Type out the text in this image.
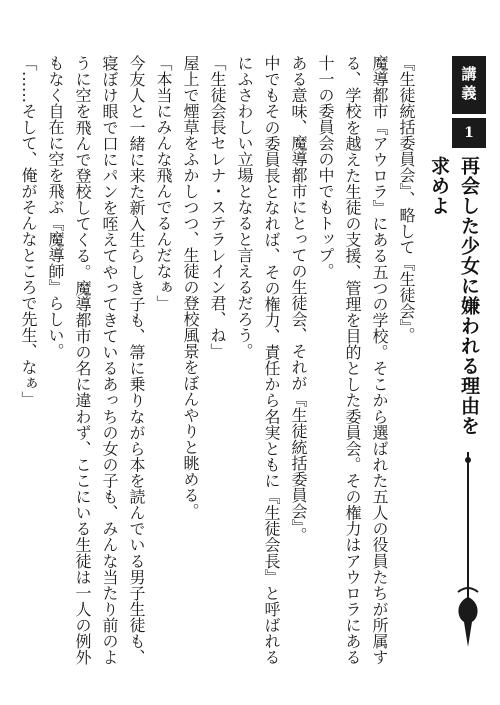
講義
1
再会した少女に嫌われる理由を求めよ

『生徒統括委員会』、略して『生徒会』。

魔導都市『アウロラ』にある五つの学校。そこから選ばれた五人の役員たちが所属する、学校を越えた生徒の支援、管理を目的とした委員会。その権力はアウロラにある十一の委員会の中でもトップ。

ある意味、魔導都市にとっての生徒会、それが『生徒統括委員会』。

中でもその委員長となれば、その権力、責任から名実ともに『生徒会長』と呼ばれるにふさわしい立場となると言えるだろう。

「生徒会長セレナ・ステラレイン君、ね」

屋上で煙草をふかしつつ、生徒の登校風景をぼんやりと眺める。

「本当にみんな飛んでるんだなぁ」

今友人と一緒に来た新入生らしき子も、箒に乗りながら本を読んでいる男子生徒も、寝ぼけ眼で口にパンを咥えてやってきているあっちの女の子も、みんな当たり前のように空を飛んで登校してくる。魔導都市の名に違わず、ここにいる生徒は一人の例外もなく自在に空を飛ぶ『魔導師』らしい。

「……そして、俺がそんなところで先生、なぁ」
